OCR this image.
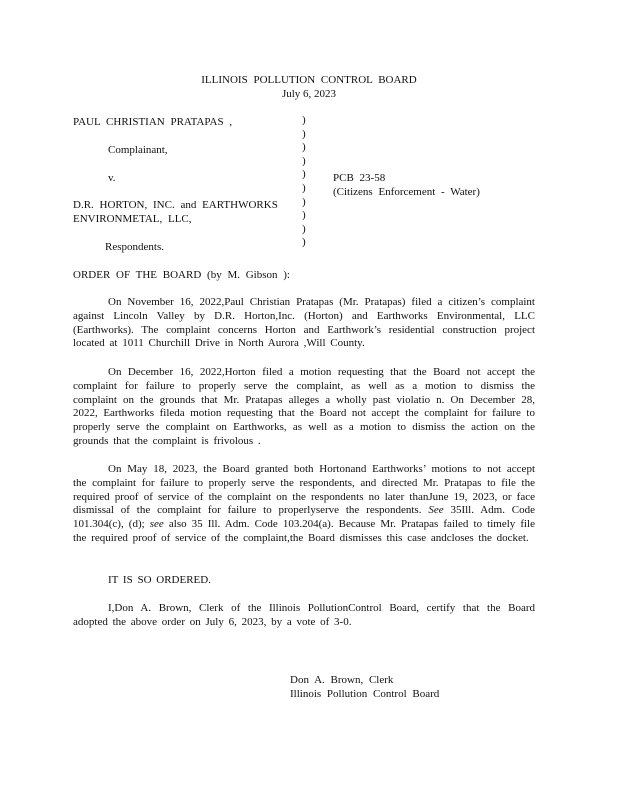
ILLINOIS POLLUTION CONTROL BOARD
July 6, 2023
PAUL CHRISTIAN PRATAPAS ,
Complainant,
v.
D.R. HORTON, INC. and EARTHWORKS
ENVIRONMETAL, LLC,
Respondents.
)
)
)
)
)
)
)
)
)
)
PCB 23-58
(Citizens Enforcement - Water)
ORDER OF THE BOARD (by M. Gibson ):

On November 16, 2022,Paul Christian Pratapas (Mr. Pratapas) filed a citizen’s complaint against Lincoln Valley by D.R. Horton,Inc. (Horton) and Earthworks Environmental, LLC (Earthworks). The complaint concerns Horton and Earthwork’s residential construction project located at 1011 Churchill Drive in North Aurora ,Will County.

On December 16, 2022,Horton filed a motion requesting that the Board not accept the complaint for failure to properly serve the complaint, as well as a motion to dismiss the complaint on the grounds that Mr. Pratapas alleges a wholly past violatio n. On December 28, 2022, Earthworks fileda motion requesting that the Board not accept the complaint for failure to properly serve the complaint on Earthworks, as well as a motion to dismiss the action on the grounds that the complaint is frivolous .

On May 18, 2023, the Board granted both Hortonand Earthworks’ motions to not accept the complaint for failure to properly serve the respondents, and directed Mr. Pratapas to file the required proof of service of the complaint on the respondents no later thanJune 19, 2023, or face dismissal of the complaint for failure to properlyserve the respondents. See 35Ill. Adm. Code 101.304(c), (d); see also 35 Ill. Adm. Code 103.204(a). Because Mr. Pratapas failed to timely file the required proof of service of the complaint,the Board dismisses this case andcloses the docket.

IT IS SO ORDERED.

I,Don A. Brown, Clerk of the Illinois PollutionControl Board, certify that the Board adopted the above order on July 6, 2023, by a vote of 3-0.

Don A. Brown, Clerk
Illinois Pollution Control Board
